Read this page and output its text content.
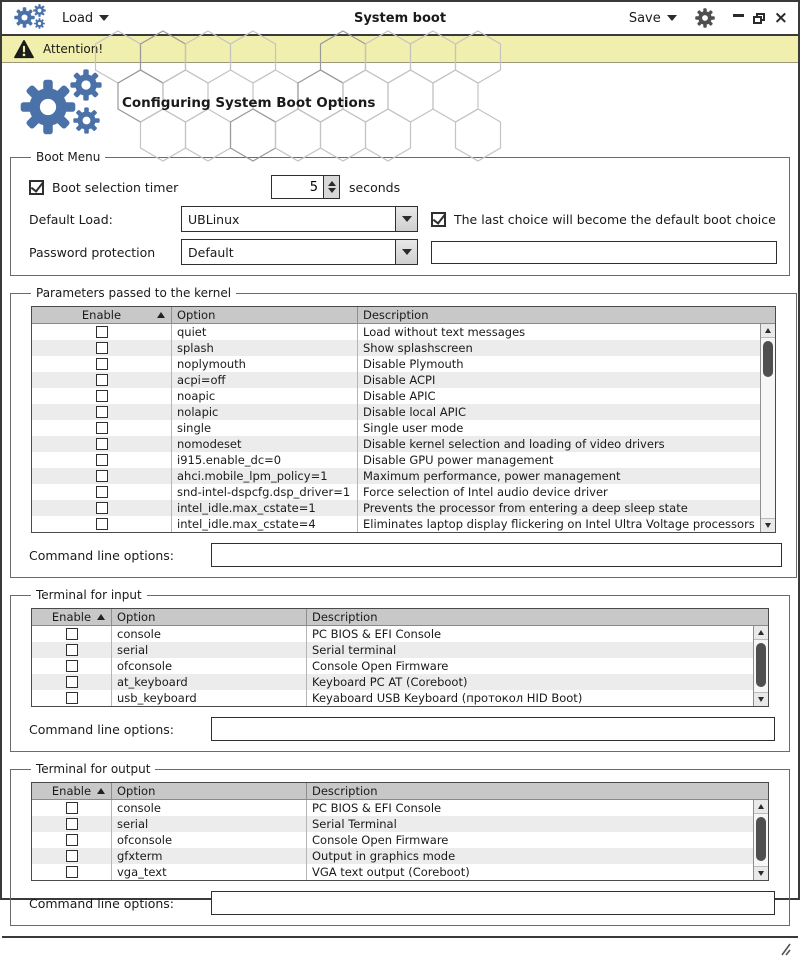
Load	System boot	Save	×
Attention!
Configuring System Boot Options
Boot Menu
Boot selection timer
5	seconds
Default Load:	UBLinux	The last choice will become the default boot choice
Password protection	Default
Parameters passed to the kernel
Enable	Option	Description
quiet	Load without text messages
splash	Show splashscreen
noplymouth	Disable Plymouth
acpi=off	Disable ACPI
noapic	Disable APIC
nolapic	Disable local APIC
single	Single user mode
nomodeset	Disable kernel selection and loading of video drivers
i915.enable_dc=0	Disable GPU power management
ahci.mobile_lpm_policy=1	Maximum performance, power management
snd-intel-dspcfg.dsp_driver=1	Force selection of Intel audio device driver
intel_idle.max_cstate=1	Prevents the processor from entering a deep sleep state
intel_idle.max_cstate=4	Eliminates laptop display flickering on Intel Ultra Voltage processors
Command line options:
Terminal for input
Enable	Option	Description
console	PC BIOS & EFI Console
serial	Serial terminal
ofconsole	Console Open Firmware
at_keyboard	Keyboard PC AT (Coreboot)
usb_keyboard	Keyaboard USB Keyboard (протокол HID Boot)
Command line options:
Terminal for output
Enable	Option	Description
console	PC BIOS & EFI Console
serial	Serial Terminal
ofconsole	Console Open Firmware
gfxterm	Output in graphics mode
vga_text	VGA text output (Coreboot)
Command line options:
